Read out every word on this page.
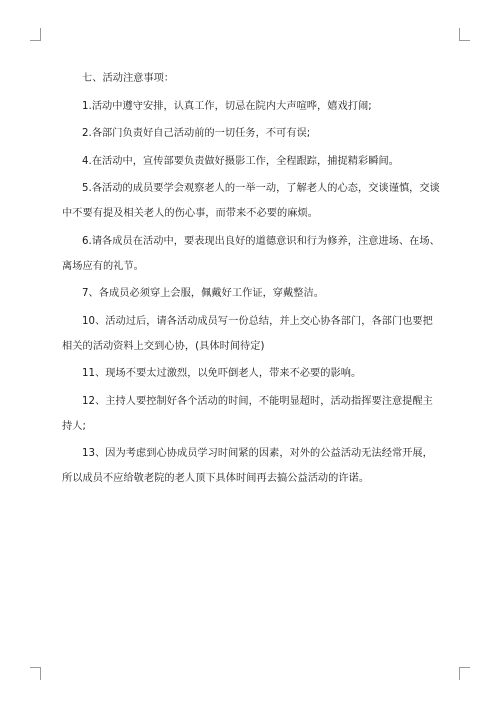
七、活动注意事项：

1.活动中遵守安排，认真工作，切忌在院内大声喧哗，嬉戏打闹;

2.各部门负责好自己活动前的一切任务，不可有误;

4.在活动中，宣传部要负责做好摄影工作，全程跟踪，捕捉精彩瞬间。

5.各活动的成员要学会观察老人的一举一动，了解老人的心态，交谈谨慎，交谈中不要有提及相关老人的伤心事，而带来不必要的麻烦。

6.请各成员在活动中，要表现出良好的道德意识和行为修养，注意进场、在场、离场应有的礼节。

7、各成员必须穿上会服，佩戴好工作证，穿戴整洁。

10、活动过后，请各活动成员写一份总结，并上交心协各部门，各部门也要把相关的活动资料上交到心协，(具体时间待定)

11、现场不要太过激烈，以免吓倒老人，带来不必要的影响。

12、主持人要控制好各个活动的时间，不能明显超时，活动指挥要注意提醒主持人;

13、因为考虑到心协成员学习时间紧的因素，对外的公益活动无法经常开展，所以成员不应给敬老院的老人顶下具体时间再去搞公益活动的许诺。
